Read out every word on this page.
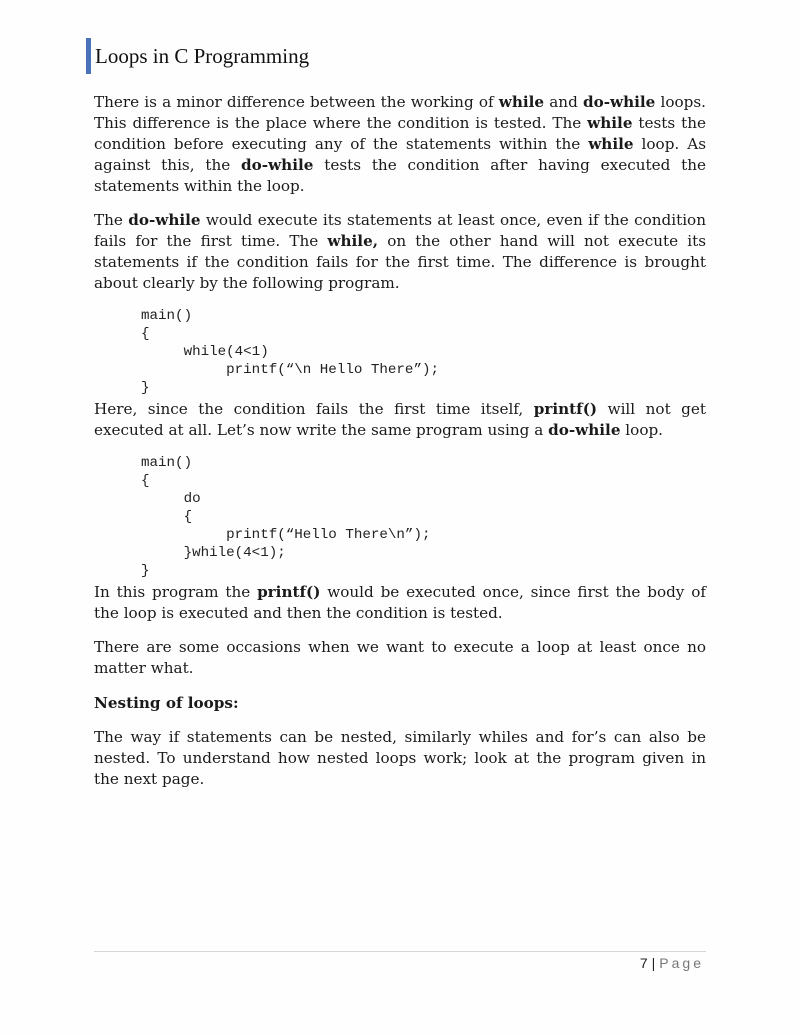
Loops in C Programming

There is a minor difference between the working of while and do-while loops. This difference is the place where the condition is tested. The while tests the condition before executing any of the statements within the while loop. As against this, the do-while tests the condition after having executed the statements within the loop.

The do-while would execute its statements at least once, even if the condition fails for the first time. The while, on the other hand will not execute its statements if the condition fails for the first time. The difference is brought about clearly by the following program.

main()
{
while(4<1)
printf(“\n Hello There”);
}

Here, since the condition fails the first time itself, printf() will not get executed at all. Let’s now write the same program using a do-while loop.

main()
{
do
{
printf(“Hello There\n”);
}while(4<1);
}

In this program the printf() would be executed once, since first the body of the loop is executed and then the condition is tested.

There are some occasions when we want to execute a loop at least once no matter what.

Nesting of loops:

The way if statements can be nested, similarly whiles and for’s can also be nested. To understand how nested loops work; look at the program given in the next page.

7 | Page
